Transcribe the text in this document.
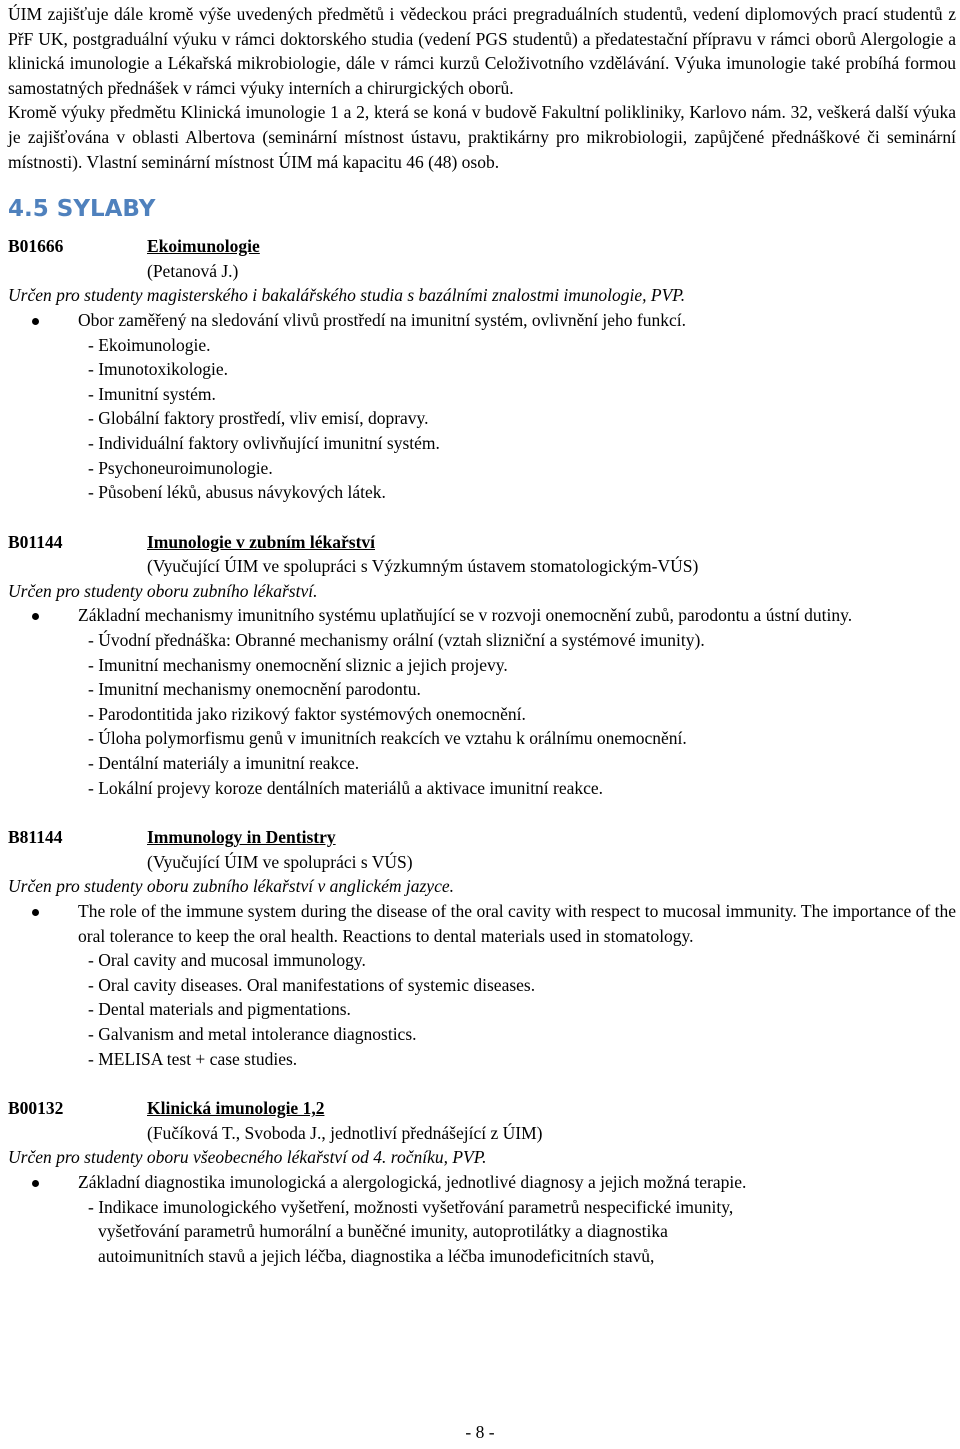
ÚIM zajišťuje dále kromě výše uvedených předmětů i vědeckou práci pregraduálních studentů, vedení diplomových prací studentů z PřF UK, postgraduální výuku v rámci doktorského studia (vedení PGS studentů) a předatestační přípravu v rámci oborů Alergologie a klinická imunologie a Lékařská mikrobiologie, dále v rámci kurzů Celoživotního vzdělávání. Výuka imunologie také probíhá formou samostatných přednášek v rámci výuky interních a chirurgických oborů.

Kromě výuky předmětu Klinická imunologie 1 a 2, která se koná v budově Fakultní polikliniky, Karlovo nám. 32, veškerá další výuka je zajišťována v oblasti Albertova (seminární místnost ústavu, praktikárny pro mikrobiologii, zapůjčené přednáškové či seminární místnosti). Vlastní seminární místnost ÚIM má kapacitu 46 (48) osob.

4.5 SYLABY
B01666	Ekoimunologie
(Petanová J.)
Určen pro studenty magisterského i bakalářského studia s bazálními znalostmi imunologie, PVP.
Obor zaměřený na sledování vlivů prostředí na imunitní systém, ovlivnění jeho funkcí.
- Ekoimunologie.
- Imunotoxikologie.
- Imunitní systém.
- Globální faktory prostředí, vliv emisí, dopravy.
- Individuální faktory ovlivňující imunitní systém.
- Psychoneuroimunologie.
- Působení léků, abusus návykových látek.
B01144	Imunologie v zubním lékařství
(Vyučující ÚIM ve spolupráci s Výzkumným ústavem stomatologickým-VÚS)
Určen pro studenty oboru zubního lékařství.
Základní mechanismy imunitního systému uplatňující se v rozvoji onemocnění zubů, parodontu a ústní dutiny.
- Úvodní přednáška: Obranné mechanismy orální (vztah slizniční a systémové imunity).
- Imunitní mechanismy onemocnění sliznic a jejich projevy.
- Imunitní mechanismy onemocnění parodontu.
- Parodontitida jako rizikový faktor systémových onemocnění.
- Úloha polymorfismu genů v imunitních reakcích ve vztahu k orálnímu onemocnění.
- Dentální materiály a imunitní reakce.
- Lokální projevy koroze dentálních materiálů a aktivace imunitní reakce.
B81144	Immunology in Dentistry
(Vyučující ÚIM ve spolupráci s VÚS)
Určen pro studenty oboru zubního lékařství v anglickém jazyce.
The role of the immune system during the disease of the oral cavity with respect to mucosal immunity. The importance of the oral tolerance to keep the oral health. Reactions to dental materials used in stomatology.
- Oral cavity and mucosal immunology.
- Oral cavity diseases. Oral manifestations of systemic diseases.
- Dental materials and pigmentations.
- Galvanism and metal intolerance diagnostics.
- MELISA test + case studies.
B00132	Klinická imunologie 1,2
(Fučíková T., Svoboda J., jednotliví přednášející z ÚIM)
Určen pro studenty oboru všeobecného lékařství od 4. ročníku, PVP.
Základní diagnostika imunologická a alergologická, jednotlivé diagnosy a jejich možná terapie.
- Indikace imunologického vyšetření, možnosti vyšetřování parametrů nespecifické imunity,
vyšetřování parametrů humorální a buněčné imunity, autoprotilátky a diagnostika
autoimunitních stavů a jejich léčba, diagnostika a léčba imunodeficitních stavů,
- 8 -
